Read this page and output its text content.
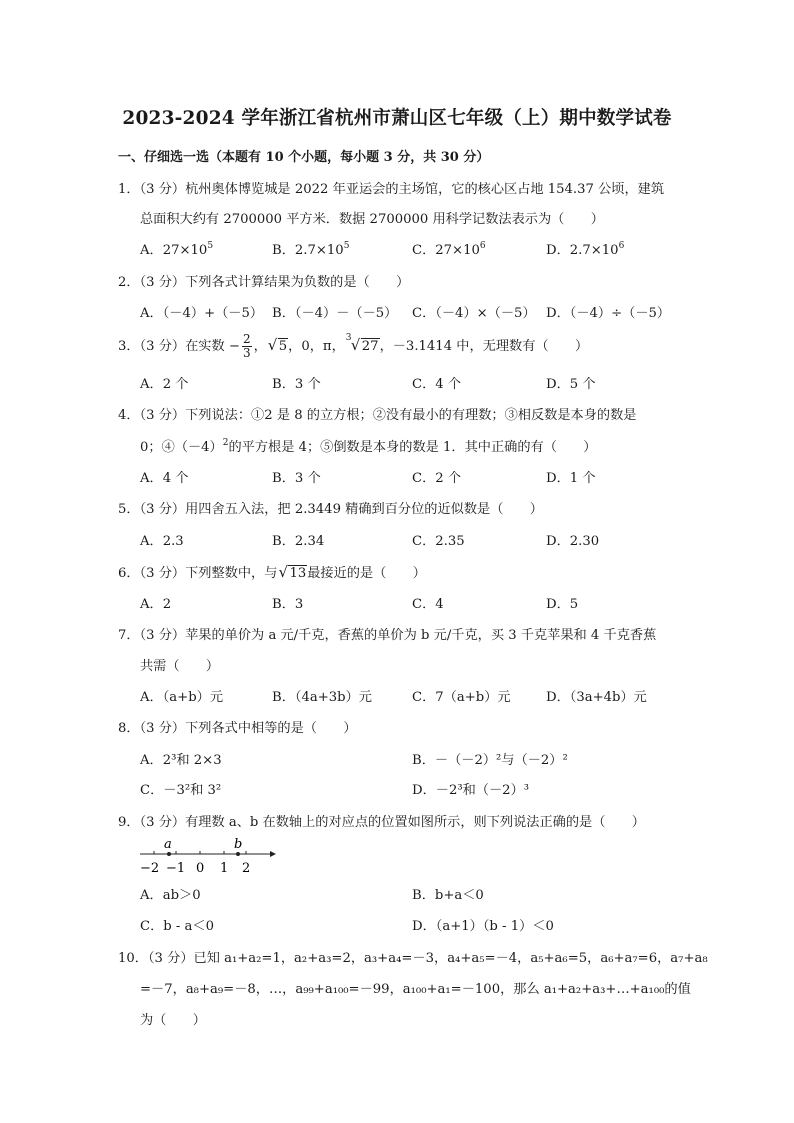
2023-2024 学年浙江省杭州市萧山区七年级（上）期中数学试卷
一、仔细选一选（本题有 10 个小题，每小题 3 分，共 30 分）
1．（3 分）杭州奥体博览城是 2022 年亚运会的主场馆，它的核心区占地 154.37 公顷，建筑
总面积大约有 2700000 平方米．数据 2700000 用科学记数法表示为（　　）
A．$27\times 10^5$	B．$2.7\times 10^5$	C．$27\times 10^6$	D．$2.7\times 10^6$
2．（3 分）下列各式计算结果为负数的是（　　）
A．（－4）+（－5） B．（－4）－（－5） C．（－4）×（－5） D．（－4）÷（－5）
3．（3 分）在实数 − $\frac{2}{3}$ ， √ 5，0，π，
3 √ 27，－3.1414 中，无理数有（　　）
A．2 个	B．3 个	C．4 个	D．5 个
4．（3 分）下列说法：①2 是 8 的立方根；②没有最小的有理数；③相反数是本身的数是
0；$④(-4)^2$的平方根是 4；⑤倒数是本身的数是 1．其中正确的有（　　）
A．4 个	B．3 个	C．2 个	D．1 个
5．（3 分）用四舍五入法，把 2.3449 精确到百分位的近似数是（　　）
A．2.3	B．2.34	C．2.35	D．2.30
6．（3 分）下列整数中，与 √ 13最接近的是（　　）
A．2	B．3	C．4	D．5
7．（3 分）苹果的单价为 a 元/千克，香蕉的单价为 b 元/千克，买 3 千克苹果和 4 千克香蕉
共需（　　）
A．（a+b）元	B．（4a+3b）元	C．7（a+b）元	D．（3a+4b）元
8．（3 分）下列各式中相等的是（　　）
A．2³和 2×3	B．－（－2）²与（－2）²
C．－3²和 3²	D．－2³和（－2）³
9．（3 分）有理数 a、b 在数轴上的对应点的位置如图所示，则下列说法正确的是（　　）
a	b
−2 −1 0 1 2
A．ab＞0	B．b+a＜0
C．b - a＜0	D．（a+1）（b - 1）＜0
10．（3 分）已知 a₁+a₂=1，a₂+a₃=2，a₃+a₄=－3，a₄+a₅=－4，a₅+a₆=5，a₆+a₇=6，a₇+a₈
=－7，a₈+a₉=－8，…，a₉₉+a₁₀₀=－99，a₁₀₀+a₁=－100，那么 a₁+a₂+a₃+…+a₁₀₀的值
为（　　）
